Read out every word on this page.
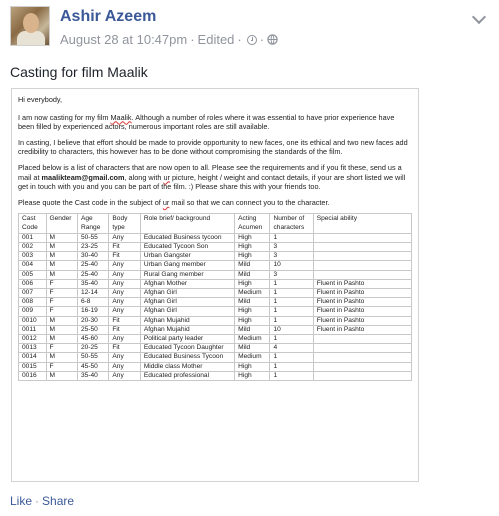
Ashir Azeem
August 28 at 10:47pm · Edited · ·
Casting for film Maalik

Hi everybody,

I am now casting for my film Maalik. Although a number of roles where it was essential to have prior experience have been filled by experienced actors, numerous important roles are still available.

In casting, I believe that effort should be made to provide opportunity to new faces, one its ethical and two new faces add credibility to characters, this however has to be done without compromising the standards of the film.

Placed below is a list of characters that are now open to all. Please see the requirements and if you fit these, send us a mail at maalikteam@gmail.com, along with ur picture, height / weight and contact details, if your are short listed we will get in touch with you and you can be part of the film. :) Please share this with your friends too.

Please quote the Cast code in the subject of ur mail so that we can connect you to the character.

Cast Code	Gender	Age Range	Body type	Role brief/ background	Acting Acumen	Number of characters	Special ability
001	M	50-55	Any	Educated Business tycoon	High	1	
002	M	23-25	Fit	Educated Tycoon Son	High	3	
003	M	30-40	Fit	Urban Gangster	High	3	
004	M	25-40	Any	Urban Gang member	Mild	10	
005	M	25-40	Any	Rural Gang member	Mild	3	
006	F	35-40	Any	Afghan Mother	High	1	Fluent in Pashto
007	F	12-14	Any	Afghan Girl	Medium	1	Fluent in Pashto
008	F	6-8	Any	Afghan Girl	Mild	1	Fluent in Pashto
009	F	16-19	Any	Afghan Girl	High	1	Fluent in Pashto
0010	M	20-30	Fit	Afghan Mujahid	High	1	Fluent in Pashto
0011	M	25-50	Fit	Afghan Mujahid	Mild	10	Fluent in Pashto
0012	M	45-60	Any	Political party leader	Medium	1	
0013	F	20-25	Fit	Educated Tycoon Daughter	Mild	4	
0014	M	50-55	Any	Educated Business Tycoon	Medium	1	
0015	F	45-50	Any	Middle class Mother	High	1	
0016	M	35-40	Any	Educated professional	High	1	
Like · Share
